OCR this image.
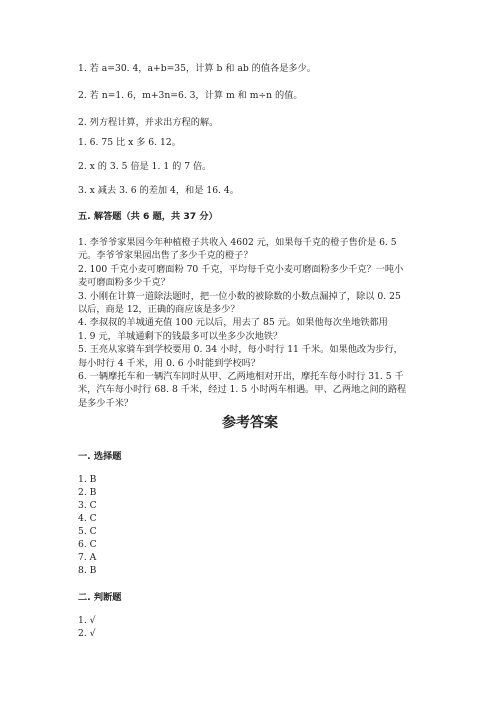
1. 若 a=30. 4，a+b=35，计算 b 和 ab 的值各是多少。
2. 若 n=1. 6，m+3n=6. 3，计算 m 和 m÷n 的值。
2. 列方程计算，并求出方程的解。
1. 6. 75 比 x 多 6. 12。
2. x 的 3. 5 倍是 1. 1 的 7 倍。
3. x 减去 3. 6 的差加 4，和是 16. 4。
五. 解答题（共 6 题，共 37 分）
1. 李爷爷家果园今年种植橙子共收入 4602 元，如果每千克的橙子售价是 6. 5
元。李爷爷家果园出售了多少千克的橙子？
2. 100 千克小麦可磨面粉 70 千克，平均每千克小麦可磨面粉多少千克？一吨小
麦可磨面粉多少千克？
3. 小刚在计算一道除法题时，把一位小数的被除数的小数点漏掉了，除以 0. 25
以后，商是 12，正确的商应该是多少？
4. 李叔叔的羊城通充值 100 元以后，用去了 85 元。如果他每次坐地铁都用
1. 9 元，羊城通剩下的钱最多可以坐多少次地铁？
5. 王亮从家骑车到学校要用 0. 34 小时，每小时行 11 千米。如果他改为步行，
每小时行 4 千米，用 0. 6 小时能到学校吗？
6. 一辆摩托车和一辆汽车同时从甲、乙两地相对开出，摩托车每小时行 31. 5 千
米，汽车每小时行 68. 8 千米，经过 1. 5 小时两车相遇。甲、乙两地之间的路程
是多少千米？
参考答案
一. 选择题
1. B
2. B
3. C
4. C
5. C
6. C
7. A
8. B
二. 判断题
1. √
2. √
